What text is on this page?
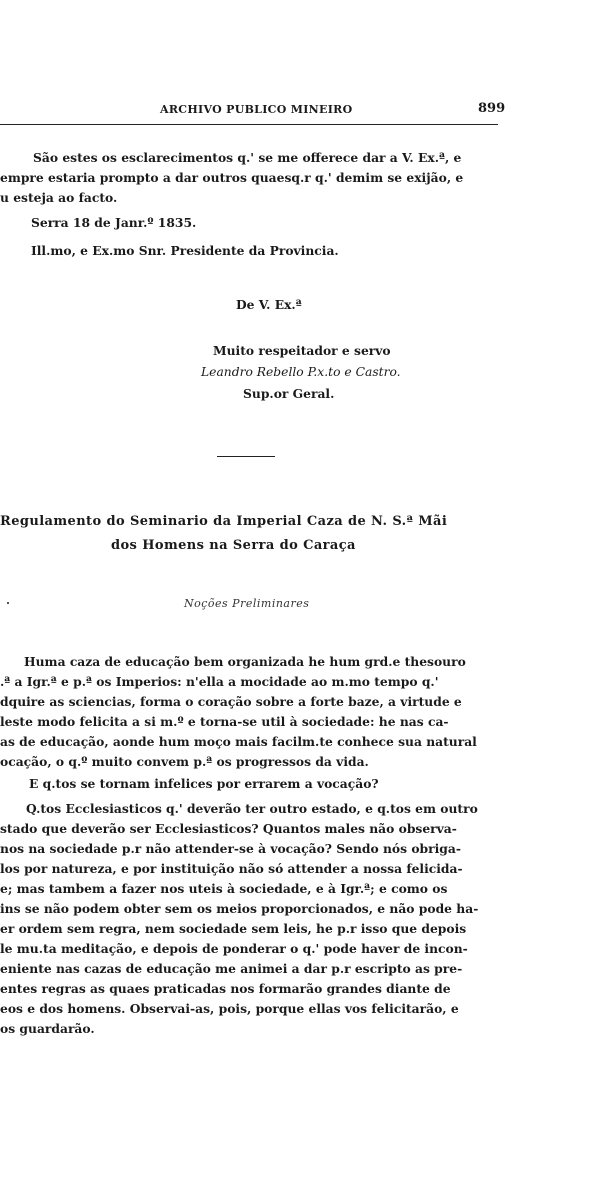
ARCHIVO PUBLICO MINEIRO	899
São estes os esclarecimentos q.' se me offerece dar a V. Ex.ª, e
empre estaria prompto a dar outros quaesq.r q.' demim se exijão, e
u esteja ao facto.
Serra 18 de Janr.º 1835.
Ill.mo, e Ex.mo Snr. Presidente da Provincia.
De V. Ex.ª
Muito respeitador e servo
Leandro Rebello P.x.to e Castro.
Sup.or Geral.
Regulamento do Seminario da Imperial Caza de N. S.ª Mãi
dos Homens na Serra do Caraça
Noções Preliminares
Huma caza de educação bem organizada he hum grd.e thesouro
.ª a Igr.ª e p.ª os Imperios: n'ella a mocidade ao m.mo tempo q.'
dquire as sciencias, forma o coração sobre a forte baze, a virtude e
leste modo felicita a si m.º e torna-se util à sociedade: he nas ca-
as de educação, aonde hum moço mais facilm.te conhece sua natural
ocação, o q.º muito convem p.ª os progressos da vida.
E q.tos se tornam infelices por errarem a vocação?
Q.tos Ecclesiasticos q.' deverão ter outro estado, e q.tos em outro
stado que deverão ser Ecclesiasticos? Quantos males não observa-
nos na sociedade p.r não attender-se à vocação? Sendo nós obriga-
los por natureza, e por instituição não só attender a nossa felicida-
e; mas tambem a fazer nos uteis à sociedade, e à Igr.ª; e como os
ins se não podem obter sem os meios proporcionados, e não pode ha-
er ordem sem regra, nem sociedade sem leis, he p.r isso que depois
le mu.ta meditação, e depois de ponderar o q.' pode haver de incon-
eniente nas cazas de educação me animei a dar p.r escripto as pre-
entes regras as quaes praticadas nos formarão grandes diante de
eos e dos homens. Observai-as, pois, porque ellas vos felicitarão, e
os guardarão.
